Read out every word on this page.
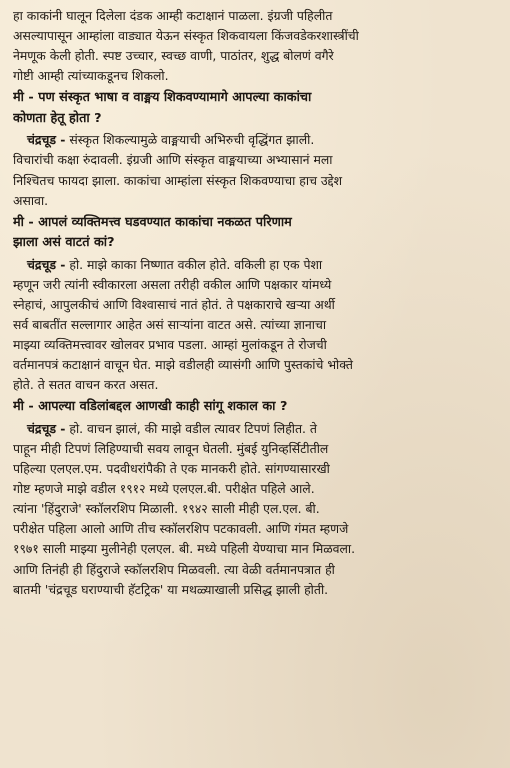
हा काकांनी घालून दिलेला दंडक आम्ही कटाक्षानं पाळला. इंग्रजी पहिलीत
असल्यापासून आम्हांला वाड्यात येऊन संस्कृत शिकवायला किंजवडेकरशास्त्रींची
नेमणूक केली होती. स्पष्ट उच्चार, स्वच्छ वाणी, पाठांतर, शुद्ध बोलणं वगैरे
गोष्टी आम्ही त्यांच्याकडूनच शिकलो.

मी - पण संस्कृत भाषा व वाङ्मय शिकवण्यामागे आपल्या काकांचा
कोणता हेतू होता ?

चंद्रचूड - संस्कृत शिकल्यामुळे वाङ्मयाची अभिरुची वृद्धिंगत झाली.
विचारांची कक्षा रुंदावली. इंग्रजी आणि संस्कृत वाङ्मयाच्या अभ्यासानं मला
निश्चितच फायदा झाला. काकांचा आम्हांला संस्कृत शिकवण्याचा हाच उद्देश
असावा.

मी - आपलं व्यक्तिमत्त्व घडवण्यात काकांचा नकळत परिणाम
झाला असं वाटतं कां?

चंद्रचूड - हो. माझे काका निष्णात वकील होते. वकिली हा एक पेशा
म्हणून जरी त्यांनी स्वीकारला असला तरीही वकील आणि पक्षकार यांमध्ये
स्नेहाचं, आपुलकीचं आणि विश्वासाचं नातं होतं. ते पक्षकाराचे खऱ्या अर्थी
सर्व बाबतींत सल्लागार आहेत असं साऱ्यांना वाटत असे. त्यांच्या ज्ञानाचा
माझ्या व्यक्तिमत्त्वावर खोलवर प्रभाव पडला. आम्हां मुलांकडून ते रोजची
वर्तमानपत्रं कटाक्षानं वाचून घेत. माझे वडीलही व्यासंगी आणि पुस्तकांचे भोक्ते
होते. ते सतत वाचन करत असत.

मी - आपल्या वडिलांबद्दल आणखी काही सांगू शकाल का ?

चंद्रचूड - हो. वाचन झालं, की माझे वडील त्यावर टिपणं लिहीत. ते
पाहून मीही टिपणं लिहिण्याची सवय लावून घेतली. मुंबई युनिव्हर्सिटीतील
पहिल्या एलएल.एम. पदवीधरांपैकी ते एक मानकरी होते. सांगण्यासारखी
गोष्ट म्हणजे माझे वडील १९१२ मध्ये एलएल.बी. परीक्षेत पहिले आले.
त्यांना 'हिंदुराजे' स्कॉलरशिप मिळाली. १९४२ साली मीही एल.एल. बी.
परीक्षेत पहिला आलो आणि तीच स्कॉलरशिप पटकावली. आणि गंमत म्हणजे
१९७१ साली माझ्या मुलीनेही एलएल. बी. मध्ये पहिली येण्याचा मान मिळवला.
आणि तिनंही ही हिंदुराजे स्कॉलरशिप मिळवली. त्या वेळी वर्तमानपत्रात ही
बातमी 'चंद्रचूड घराण्याची हॅटट्रिक' या मथळ्याखाली प्रसिद्ध झाली होती.
